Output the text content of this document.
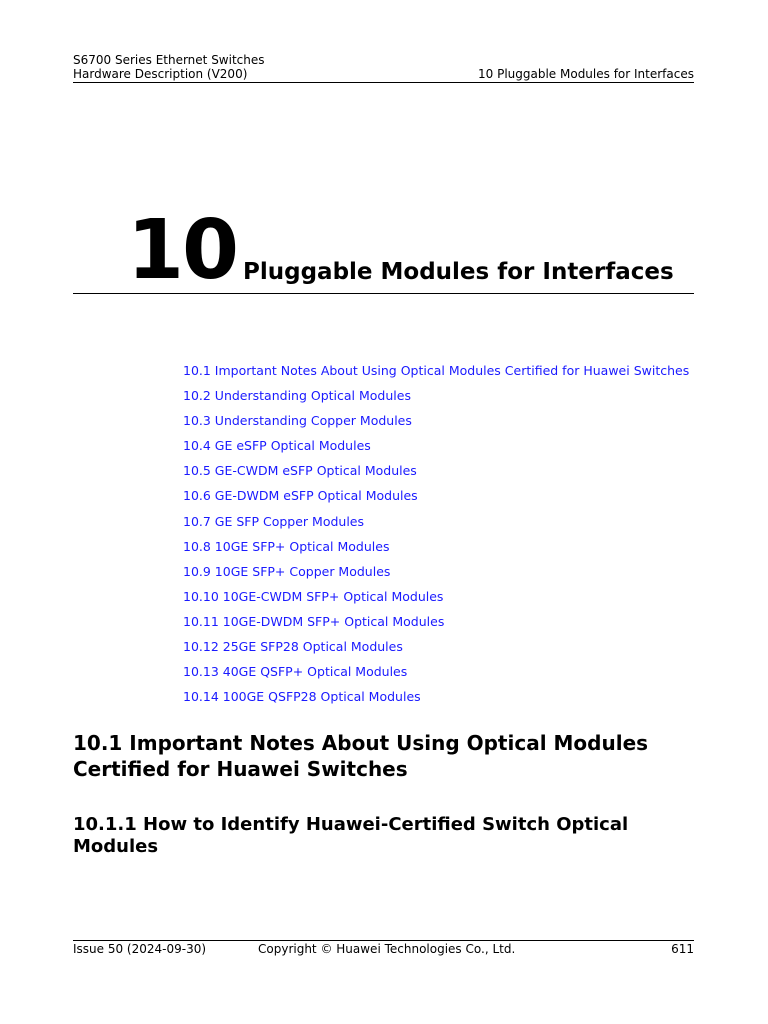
S6700 Series Ethernet Switches
Hardware Description (V200)	10 Pluggable Modules for Interfaces
10 Pluggable Modules for Interfaces
10.1 Important Notes About Using Optical Modules Certified for Huawei Switches
10.2 Understanding Optical Modules
10.3 Understanding Copper Modules
10.4 GE eSFP Optical Modules
10.5 GE-CWDM eSFP Optical Modules
10.6 GE-DWDM eSFP Optical Modules
10.7 GE SFP Copper Modules
10.8 10GE SFP+ Optical Modules
10.9 10GE SFP+ Copper Modules
10.10 10GE-CWDM SFP+ Optical Modules
10.11 10GE-DWDM SFP+ Optical Modules
10.12 25GE SFP28 Optical Modules
10.13 40GE QSFP+ Optical Modules
10.14 100GE QSFP28 Optical Modules
10.1 Important Notes About Using Optical Modules Certified for Huawei Switches
10.1.1 How to Identify Huawei-Certified Switch Optical Modules
Issue 50 (2024-09-30)	Copyright © Huawei Technologies Co., Ltd.	611
